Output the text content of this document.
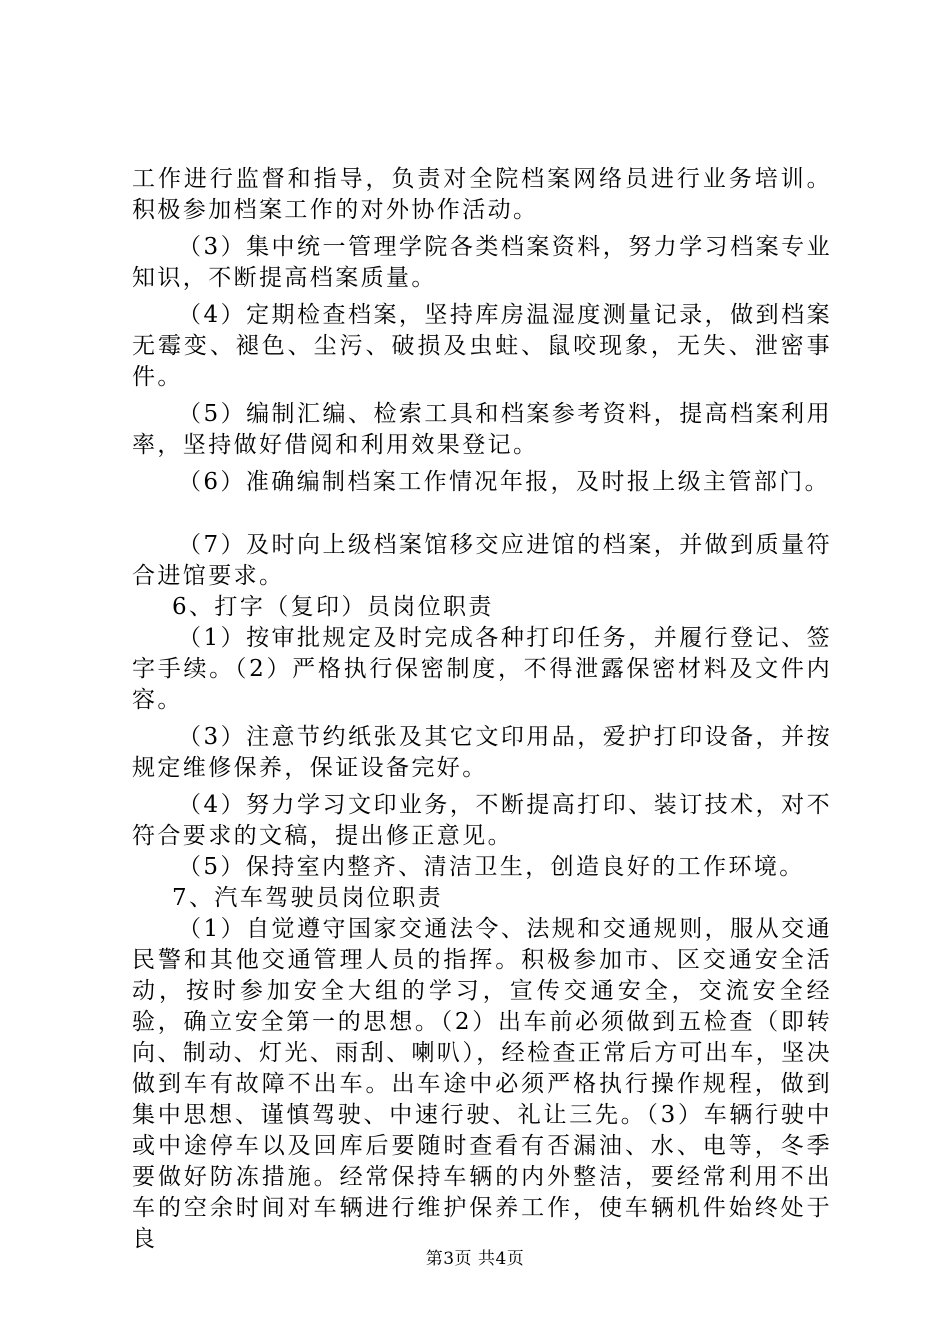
工作进行监督和指导，负责对全院档案网络员进行业务培训。积极参加档案工作的对外协作活动。

（3）集中统一管理学院各类档案资料，努力学习档案专业知识，不断提高档案质量。

（4）定期检查档案，坚持库房温湿度测量记录，做到档案无霉变、褪色、尘污、破损及虫蛀、鼠咬现象，无失、泄密事件。

（5）编制汇编、检索工具和档案参考资料，提高档案利用率，坚持做好借阅和利用效果登记。

（6）准确编制档案工作情况年报，及时报上级主管部门。

（7）及时向上级档案馆移交应进馆的档案，并做到质量符合进馆要求。

6、打字（复印）员岗位职责

（1）按审批规定及时完成各种打印任务，并履行登记、签字手续。（2）严格执行保密制度，不得泄露保密材料及文件内容。

（3）注意节约纸张及其它文印用品，爱护打印设备，并按规定维修保养，保证设备完好。

（4）努力学习文印业务，不断提高打印、装订技术，对不符合要求的文稿，提出修正意见。

（5）保持室内整齐、清洁卫生，创造良好的工作环境。

7、汽车驾驶员岗位职责

（1）自觉遵守国家交通法令、法规和交通规则，服从交通民警和其他交通管理人员的指挥。积极参加市、区交通安全活动，按时参加安全大组的学习，宣传交通安全，交流安全经验，确立安全第一的思想。（2）出车前必须做到五检查（即转向、制动、灯光、雨刮、喇叭），经检查正常后方可出车，坚决做到车有故障不出车。出车途中必须严格执行操作规程，做到集中思想、谨慎驾驶、中速行驶、礼让三先。（3）车辆行驶中或中途停车以及回库后要随时查看有否漏油、水、电等，冬季要做好防冻措施。经常保持车辆的内外整洁，要经常利用不出车的空余时间对车辆进行维护保养工作，使车辆机件始终处于良

第3页 共4页
